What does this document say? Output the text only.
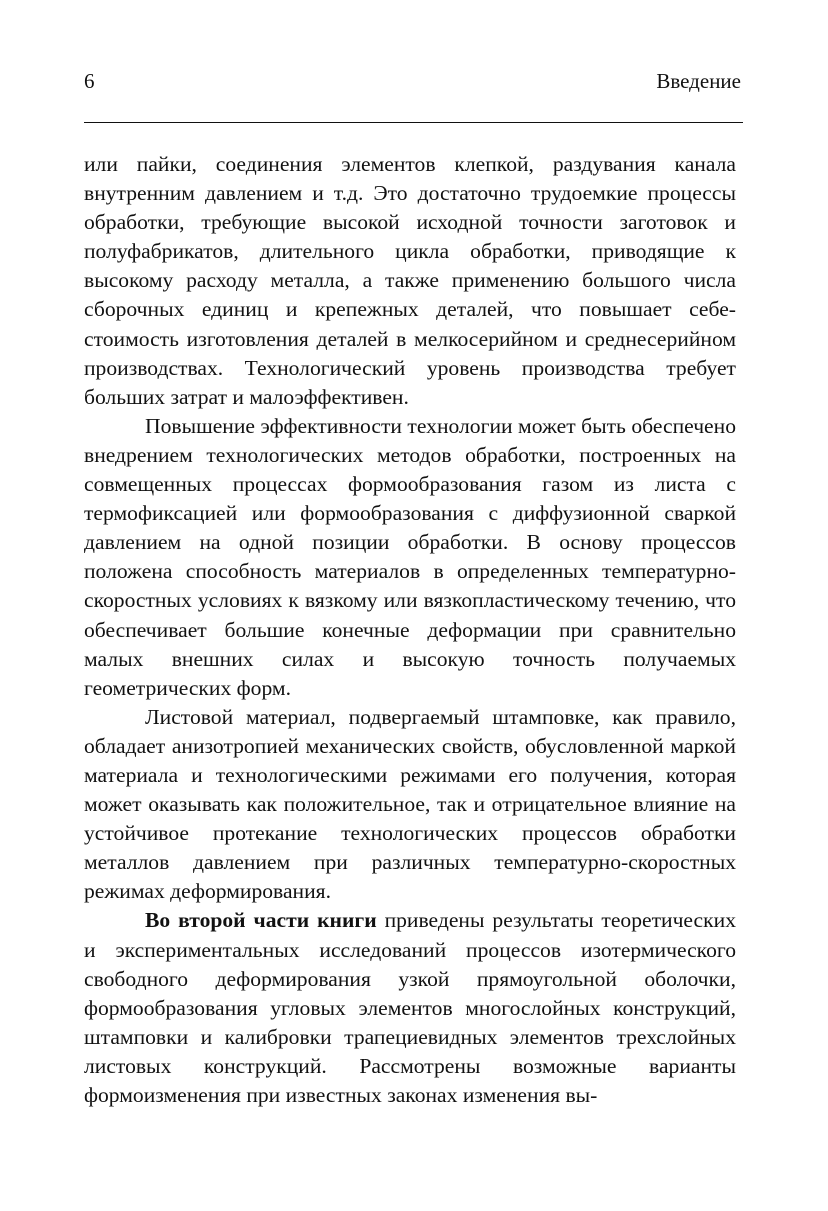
6	Введение

или пайки, соединения элементов клепкой, раздувания канала внутренним давлением и т.д. Это достаточно трудоемкие процессы обработки, требующие высокой исходной точности заготовок и полуфабрикатов, длительного цикла обработки, приводящие к высокому расходу металла, а также применению большого числа сборочных единиц и крепежных деталей, что повышает себестоимость изготовления деталей в мелкосерийном и среднесерийном производствах. Технологический уровень производства требует больших затрат и малоэффективен.

Повышение эффективности технологии может быть обеспечено внедрением технологических методов обработки, построенных на совмещенных процессах формообразования газом из листа с термофиксацией или формообразования с диффузионной сваркой давлением на одной позиции обработки. В основу процессов положена способность материалов в определенных температурно-скоростных условиях к вязкому или вязкопластическому течению, что обеспечивает большие конечные деформации при сравнительно малых внешних силах и высокую точность получаемых геометрических форм.

Листовой материал, подвергаемый штамповке, как правило, обладает анизотропией механических свойств, обусловленной маркой материала и технологическими режимами его получения, которая может оказывать как положительное, так и отрицательное влияние на устойчивое протекание технологических процессов обработки металлов давлением при различных температурно-скоростных режимах деформирования.

Во второй части книги приведены результаты теоретических и экспериментальных исследований процессов изотермического свободного деформирования узкой прямоугольной оболочки, формообразования угловых элементов многослойных конструкций, штамповки и калибровки трапециевидных элементов трехслойных листовых конструкций. Рассмотрены возможные варианты формоизменения при известных законах изменения вы-
